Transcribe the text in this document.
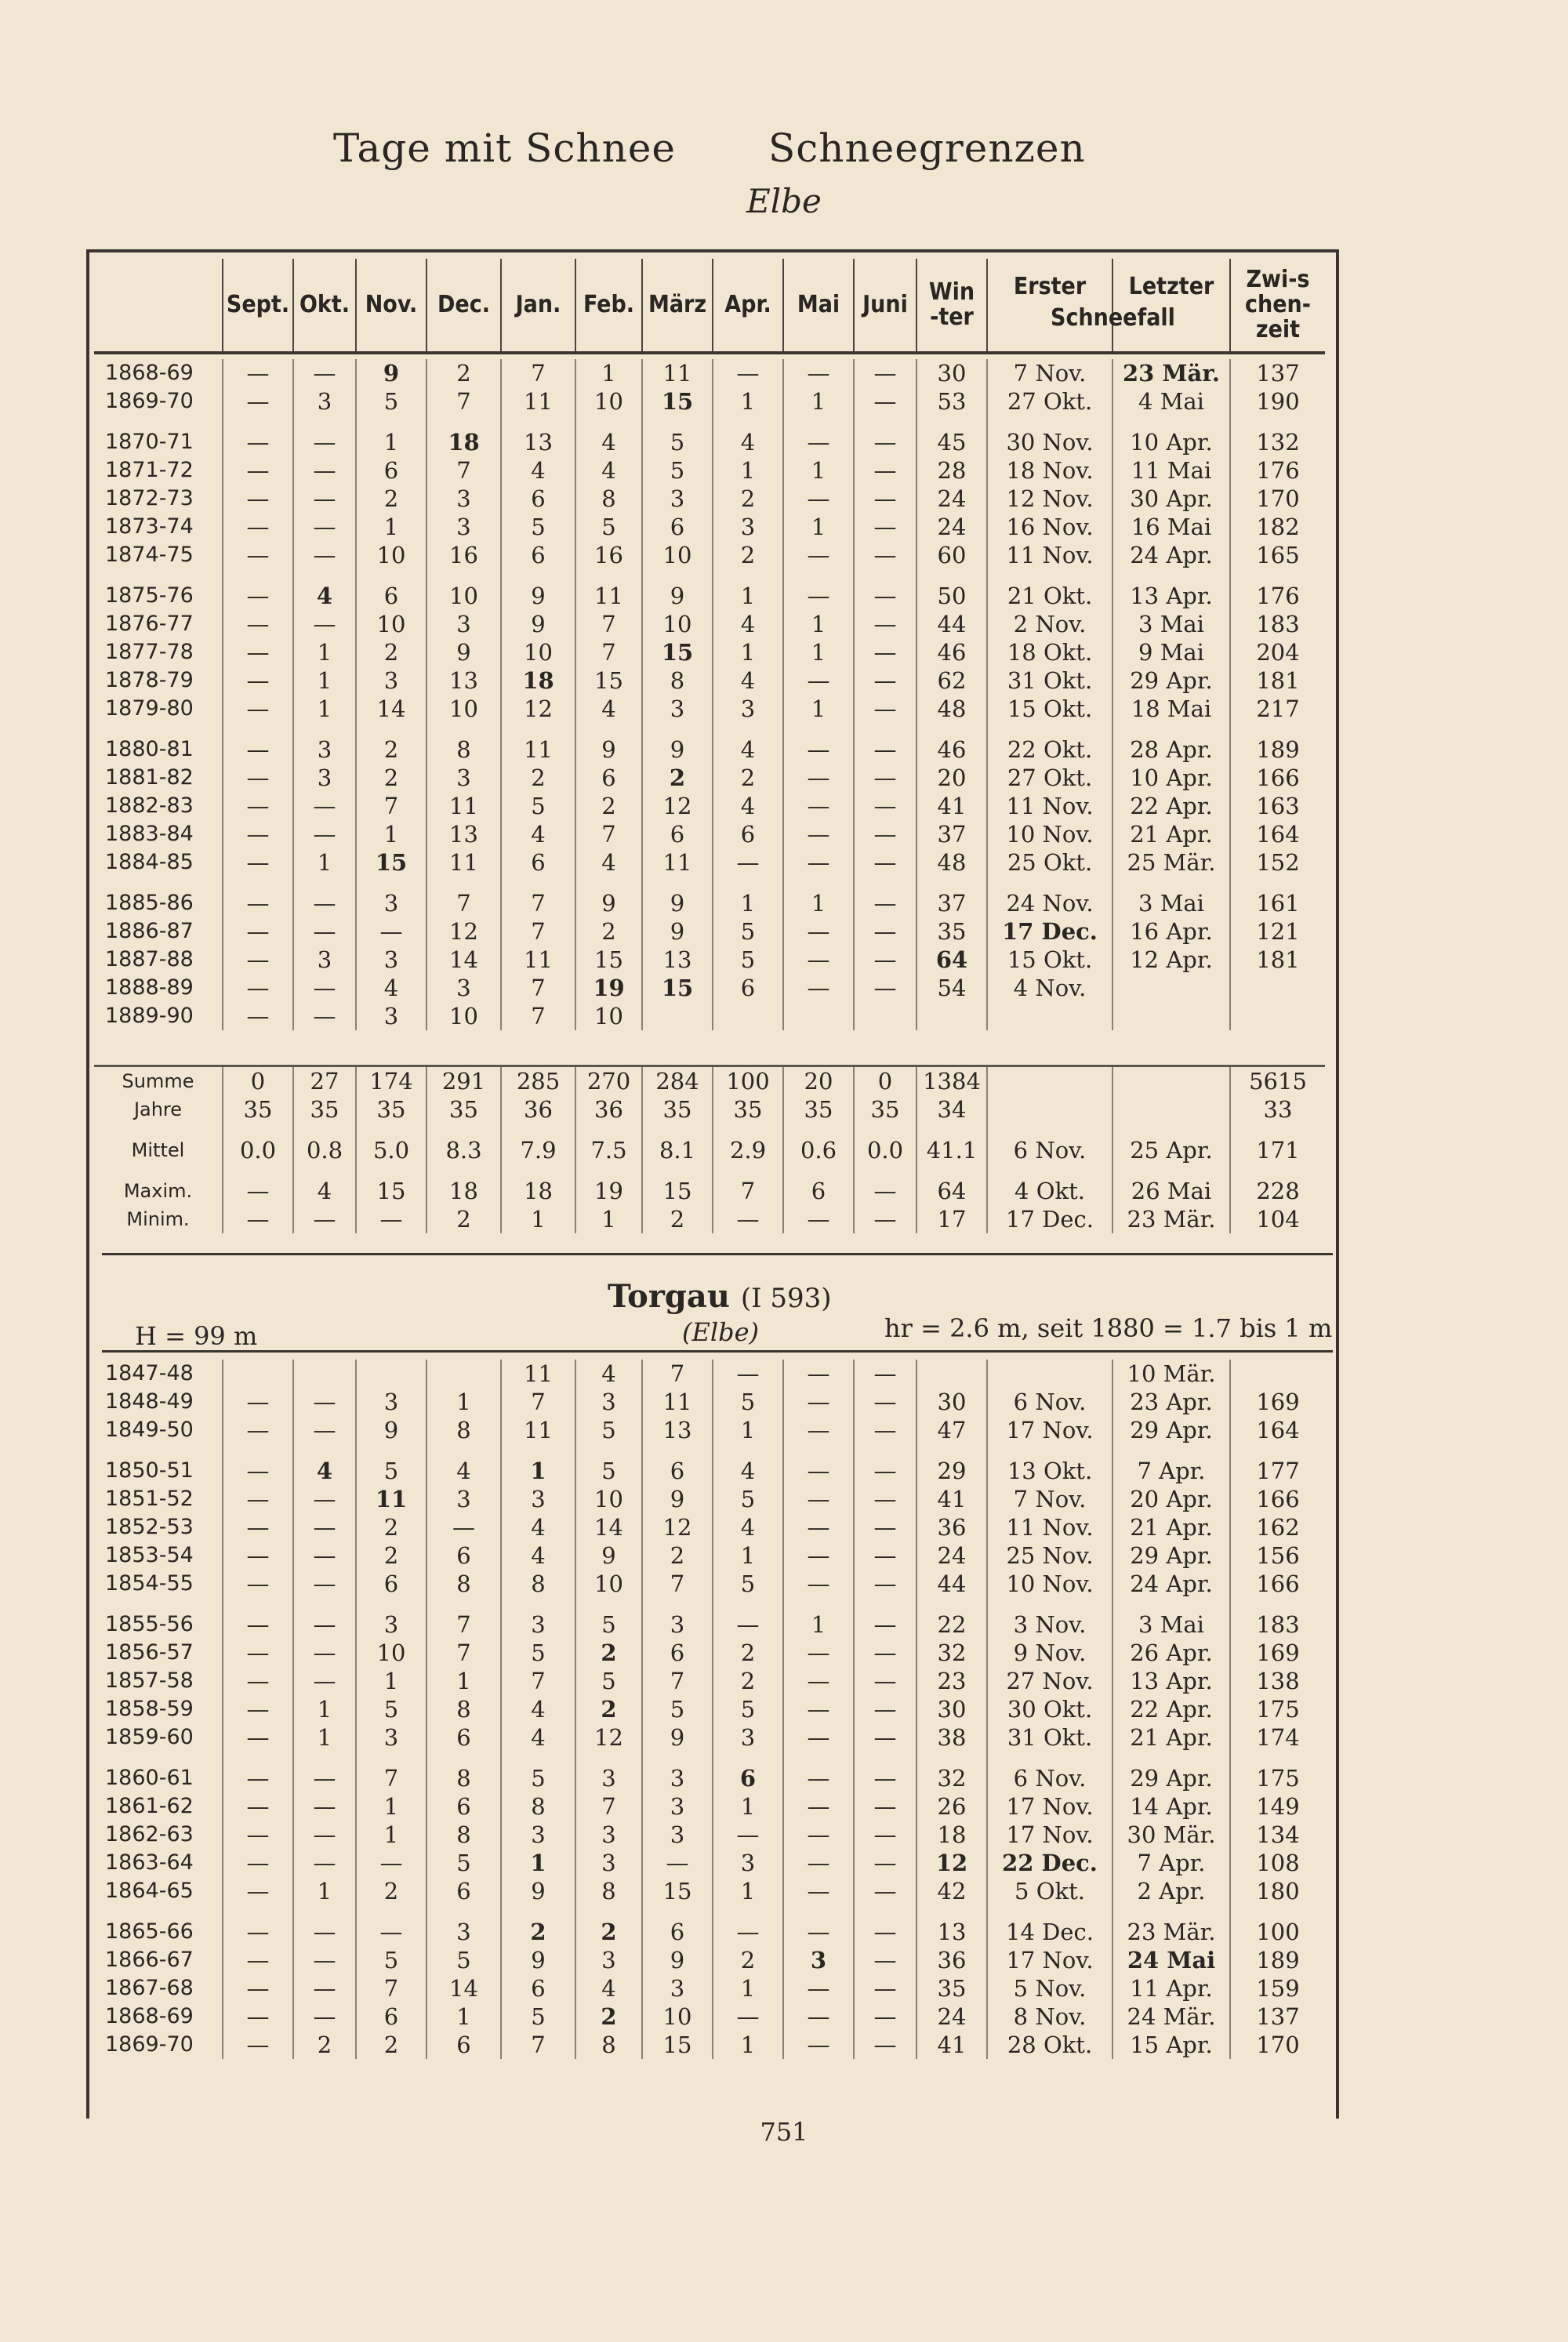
Tage mit Schnee Schneegrenzen
Elbe
	Sept.	Okt.	Nov.	Dec.	Jan.	Feb.	März	Apr.	Mai	Juni	Win-ter	Erster	Letzter	Zwi-schen-zeit
Schneefall
1868-69	—	—	9	2	7	1	11	—	—	—	30	7 Nov.	23 Mär.	137
1869-70	—	3	5	7	11	10	15	1	1	—	53	27 Okt.	4 Mai	190

1870-71	—	—	1	18	13	4	5	4	—	—	45	30 Nov.	10 Apr.	132
1871-72	—	—	6	7	4	4	5	1	1	—	28	18 Nov.	11 Mai	176
1872-73	—	—	2	3	6	8	3	2	—	—	24	12 Nov.	30 Apr.	170
1873-74	—	—	1	3	5	5	6	3	1	—	24	16 Nov.	16 Mai	182
1874-75	—	—	10	16	6	16	10	2	—	—	60	11 Nov.	24 Apr.	165

1875-76	—	4	6	10	9	11	9	1	—	—	50	21 Okt.	13 Apr.	176
1876-77	—	—	10	3	9	7	10	4	1	—	44	2 Nov.	3 Mai	183
1877-78	—	1	2	9	10	7	15	1	1	—	46	18 Okt.	9 Mai	204
1878-79	—	1	3	13	18	15	8	4	—	—	62	31 Okt.	29 Apr.	181
1879-80	—	1	14	10	12	4	3	3	1	—	48	15 Okt.	18 Mai	217

1880-81	—	3	2	8	11	9	9	4	—	—	46	22 Okt.	28 Apr.	189
1881-82	—	3	2	3	2	6	2	2	—	—	20	27 Okt.	10 Apr.	166
1882-83	—	—	7	11	5	2	12	4	—	—	41	11 Nov.	22 Apr.	163
1883-84	—	—	1	13	4	7	6	6	—	—	37	10 Nov.	21 Apr.	164
1884-85	—	1	15	11	6	4	11	—	—	—	48	25 Okt.	25 Mär.	152

1885-86	—	—	3	7	7	9	9	1	1	—	37	24 Nov.	3 Mai	161
1886-87	—	—	—	12	7	2	9	5	—	—	35	17 Dec.	16 Apr.	121
1887-88	—	3	3	14	11	15	13	5	—	—	64	15 Okt.	12 Apr.	181
1888-89	—	—	4	3	7	19	15	6	—	—	54	4 Nov.		
1889-90	—	—	3	10	7	10								
Summe	0	27	174	291	285	270	284	100	20	0	1384			5615
Jahre	35	35	35	35	36	36	35	35	35	35	34			33

Mittel	0.0	0.8	5.0	8.3	7.9	7.5	8.1	2.9	0.6	0.0	41.1	6 Nov.	25 Apr.	171

Maxim.	—	4	15	18	18	19	15	7	6	—	64	4 Okt.	26 Mai	228
Minim.	—	—	—	2	1	1	2	—	—	—	17	17 Dec.	23 Mär.	104
Torgau (I 593)
(Elbe)
H = 99 m	hr = 2.6 m, seit 1880 = 1.7 bis 1 m
1847-48					11	4	7	—	—	—			10 Mär.	
1848-49	—	—	3	1	7	3	11	5	—	—	30	6 Nov.	23 Apr.	169
1849-50	—	—	9	8	11	5	13	1	—	—	47	17 Nov.	29 Apr.	164

1850-51	—	4	5	4	1	5	6	4	—	—	29	13 Okt.	7 Apr.	177
1851-52	—	—	11	3	3	10	9	5	—	—	41	7 Nov.	20 Apr.	166
1852-53	—	—	2	—	4	14	12	4	—	—	36	11 Nov.	21 Apr.	162
1853-54	—	—	2	6	4	9	2	1	—	—	24	25 Nov.	29 Apr.	156
1854-55	—	—	6	8	8	10	7	5	—	—	44	10 Nov.	24 Apr.	166

1855-56	—	—	3	7	3	5	3	—	1	—	22	3 Nov.	3 Mai	183
1856-57	—	—	10	7	5	2	6	2	—	—	32	9 Nov.	26 Apr.	169
1857-58	—	—	1	1	7	5	7	2	—	—	23	27 Nov.	13 Apr.	138
1858-59	—	1	5	8	4	2	5	5	—	—	30	30 Okt.	22 Apr.	175
1859-60	—	1	3	6	4	12	9	3	—	—	38	31 Okt.	21 Apr.	174

1860-61	—	—	7	8	5	3	3	6	—	—	32	6 Nov.	29 Apr.	175
1861-62	—	—	1	6	8	7	3	1	—	—	26	17 Nov.	14 Apr.	149
1862-63	—	—	1	8	3	3	3	—	—	—	18	17 Nov.	30 Mär.	134
1863-64	—	—	—	5	1	3	—	3	—	—	12	22 Dec.	7 Apr.	108
1864-65	—	1	2	6	9	8	15	1	—	—	42	5 Okt.	2 Apr.	180

1865-66	—	—	—	3	2	2	6	—	—	—	13	14 Dec.	23 Mär.	100
1866-67	—	—	5	5	9	3	9	2	3	—	36	17 Nov.	24 Mai	189
1867-68	—	—	7	14	6	4	3	1	—	—	35	5 Nov.	11 Apr.	159
1868-69	—	—	6	1	5	2	10	—	—	—	24	8 Nov.	24 Mär.	137
1869-70	—	2	2	6	7	8	15	1	—	—	41	28 Okt.	15 Apr.	170
751
